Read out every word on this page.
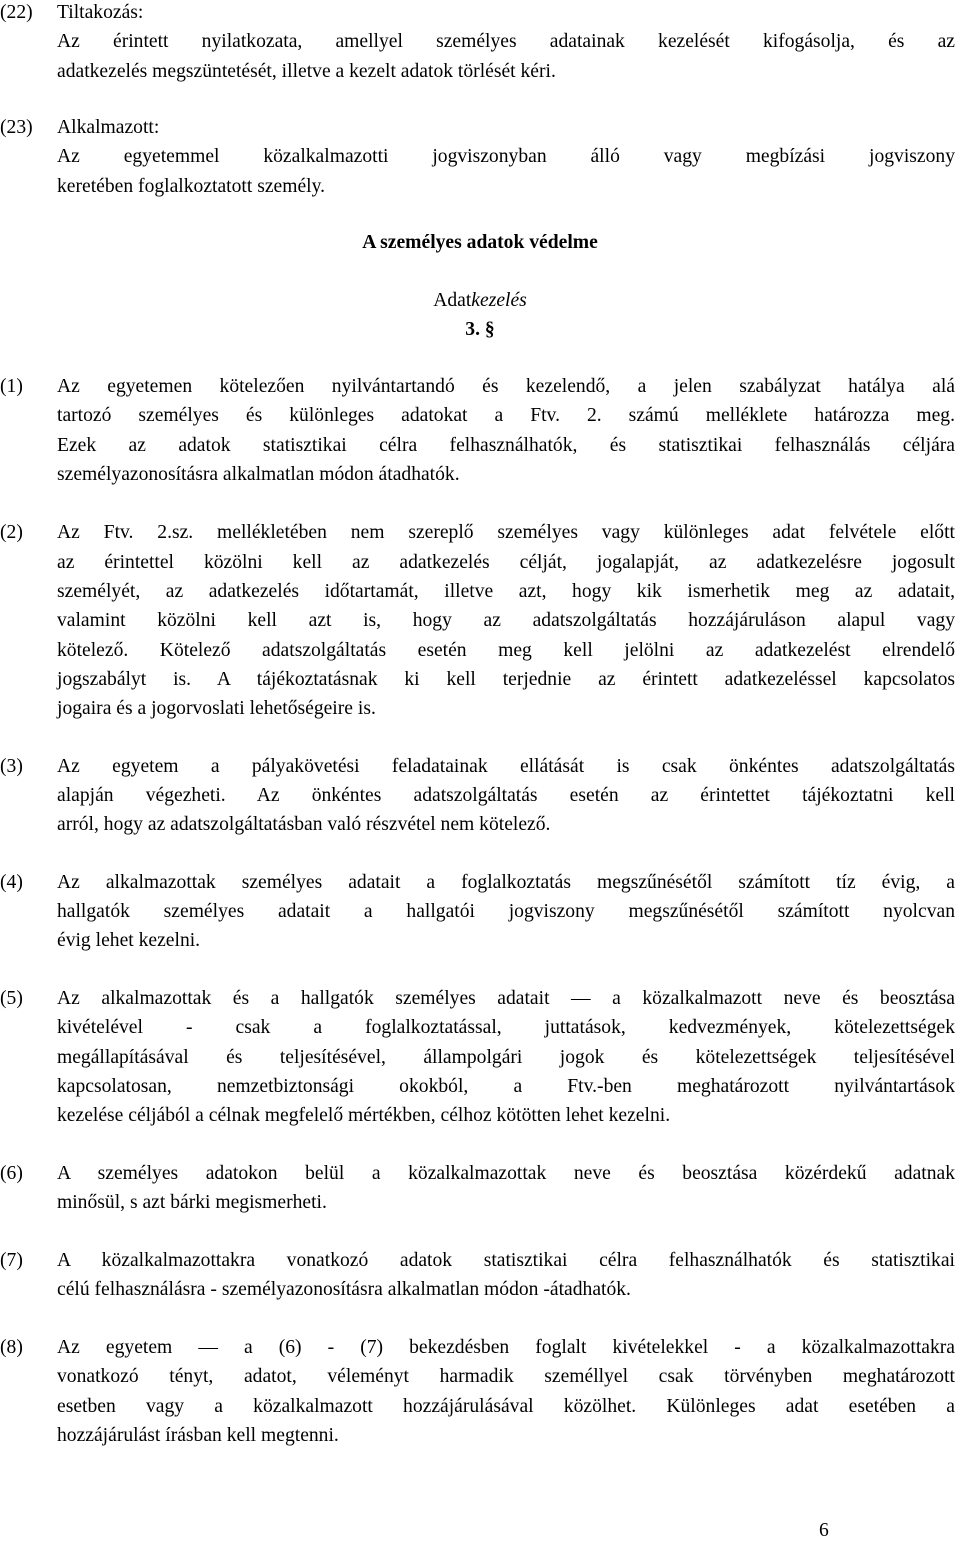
(22) Tiltakozás:
Az érintett nyilatkozata, amellyel személyes adatainak kezelését kifogásolja, és az
adatkezelés megszüntetését, illetve a kezelt adatok törlését kéri.
(23) Alkalmazott:
Az egyetemmel közalkalmazotti jogviszonyban álló vagy megbízási jogviszony
keretében foglalkoztatott személy.
A személyes adatok védelme
Adatkezelés
3. §
(1) Az egyetemen kötelezően nyilvántartandó és kezelendő, a jelen szabályzat hatálya alá
tartozó személyes és különleges adatokat a Ftv. 2. számú melléklete határozza meg.
Ezek az adatok statisztikai célra felhasználhatók, és statisztikai felhasználás céljára
személyazonosításra alkalmatlan módon átadhatók.
(2) Az Ftv. 2.sz. mellékletében nem szereplő személyes vagy különleges adat felvétele előtt
az érintettel közölni kell az adatkezelés célját, jogalapját, az adatkezelésre jogosult
személyét, az adatkezelés időtartamát, illetve azt, hogy kik ismerhetik meg az adatait,
valamint közölni kell azt is, hogy az adatszolgáltatás hozzájáruláson alapul vagy
kötelező. Kötelező adatszolgáltatás esetén meg kell jelölni az adatkezelést elrendelő
jogszabályt is. A tájékoztatásnak ki kell terjednie az érintett adatkezeléssel kapcsolatos
jogaira és a jogorvoslati lehetőségeire is.
(3) Az egyetem a pályakövetési feladatainak ellátását is csak önkéntes adatszolgáltatás
alapján végezheti. Az önkéntes adatszolgáltatás esetén az érintettet tájékoztatni kell
arról, hogy az adatszolgáltatásban való részvétel nem kötelező.
(4) Az alkalmazottak személyes adatait a foglalkoztatás megszűnésétől számított tíz évig, a
hallgatók személyes adatait a hallgatói jogviszony megszűnésétől számított nyolcvan
évig lehet kezelni.
(5) Az alkalmazottak és a hallgatók személyes adatait — a közalkalmazott neve és beosztása
kivételével - csak a foglalkoztatással, juttatások, kedvezmények, kötelezettségek
megállapításával és teljesítésével, állampolgári jogok és kötelezettségek teljesítésével
kapcsolatosan, nemzetbiztonsági okokból, a Ftv.-ben meghatározott nyilvántartások
kezelése céljából a célnak megfelelő mértékben, célhoz kötötten lehet kezelni.
(6) A személyes adatokon belül a közalkalmazottak neve és beosztása közérdekű adatnak
minősül, s azt bárki megismerheti.
(7) A közalkalmazottakra vonatkozó adatok statisztikai célra felhasználhatók és statisztikai
célú felhasználásra - személyazonosításra alkalmatlan módon -átadhatók.
(8) Az egyetem — a (6) - (7) bekezdésben foglalt kivételekkel - a közalkalmazottakra
vonatkozó tényt, adatot, véleményt harmadik személlyel csak törvényben meghatározott
esetben vagy a közalkalmazott hozzájárulásával közölhet. Különleges adat esetében a
hozzájárulást írásban kell megtenni.
6
